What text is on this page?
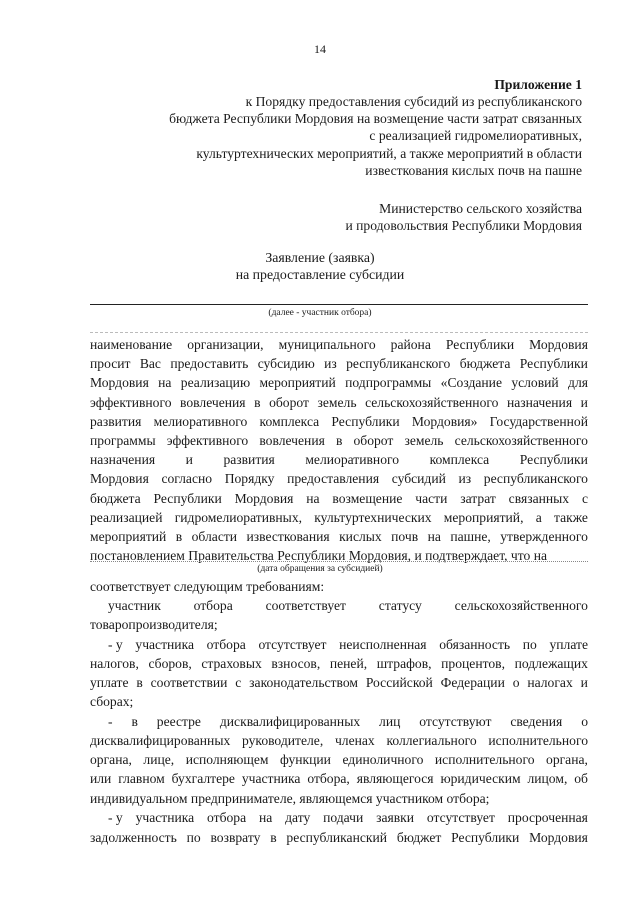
14
Приложение 1
к Порядку предоставления субсидий из республиканского
бюджета Республики Мордовия на возмещение части затрат связанных
с реализацией гидромелиоративных,
культуртехнических мероприятий, а также мероприятий в области
известкования кислых почв на пашне
Министерство сельского хозяйства
и продовольствия Республики Мордовия
Заявление (заявка)
на предоставление субсидии
(далее - участник отбора)
наименование организации, муниципального района Республики Мордовия
просит Вас предоставить субсидию из республиканского бюджета Республики
Мордовия на реализацию мероприятий подпрограммы «Создание условий для
эффективного вовлечения в оборот земель сельскохозяйственного назначения и
развития мелиоративного комплекса Республики Мордовия» Государственной
программы эффективного вовлечения в оборот земель сельскохозяйственного
назначения и развития мелиоративного комплекса Республики
Мордовия согласно Порядку предоставления субсидий из республиканского
бюджета Республики Мордовия на возмещение части затрат связанных с
реализацией гидромелиоративных, культуртехнических мероприятий, а также
мероприятий в области известкования кислых почв на пашне, утвержденного
постановлением Правительства Республики Мордовия, и подтверждает, что на
(дата обращения за субсидией)
соответствует следующим требованиям:
участник отбора соответствует статусу сельскохозяйственного
товаропроизводителя;
- у участника отбора отсутствует неисполненная обязанность по уплате
налогов, сборов, страховых взносов, пеней, штрафов, процентов, подлежащих
уплате в соответствии с законодательством Российской Федерации о налогах и
сборах;
- в реестре дисквалифицированных лиц отсутствуют сведения о
дисквалифицированных руководителе, членах коллегиального исполнительного
органа, лице, исполняющем функции единоличного исполнительного органа,
или главном бухгалтере участника отбора, являющегося юридическим лицом, об
индивидуальном предпринимателе, являющемся участником отбора;
- у участника отбора на дату подачи заявки отсутствует просроченная
задолженность по возврату в республиканский бюджет Республики Мордовия
